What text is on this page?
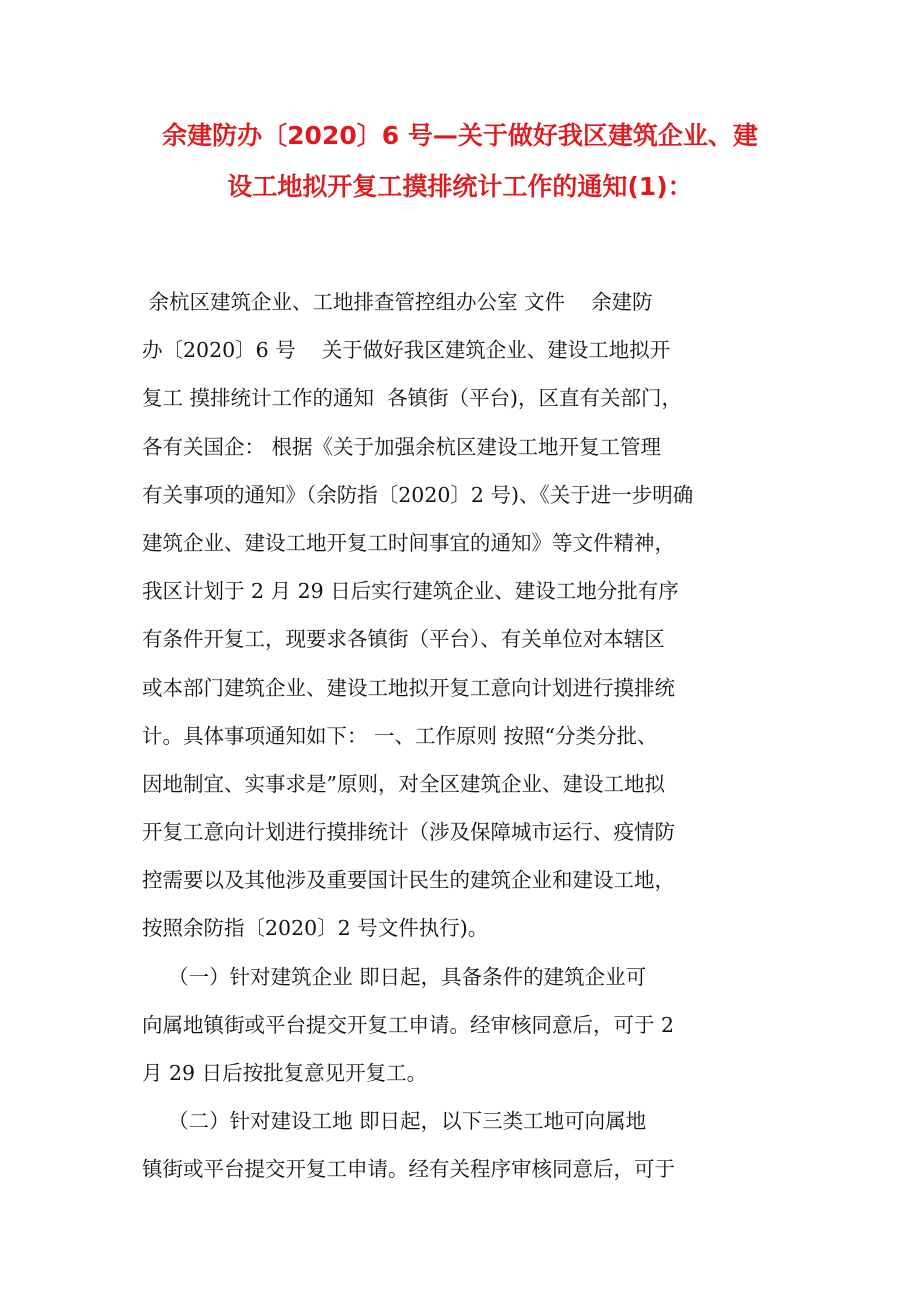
余建防办〔2020〕6 号—关于做好我区建筑企业、建
设工地拟开复工摸排统计工作的通知(1)：
余杭区建筑企业、工地排查管控组办公室 文件    余建防
办〔2020〕6 号    关于做好我区建筑企业、建设工地拟开
复工 摸排统计工作的通知  各镇街（平台)，区直有关部门，
各有关国企： 根据《关于加强余杭区建设工地开复工管理
有关事项的通知》（余防指〔2020〕2 号)、《关于进一步明确
建筑企业、建设工地开复工时间事宜的通知》等文件精神，
我区计划于 2 月 29 日后实行建筑企业、建设工地分批有序
有条件开复工，现要求各镇街（平台）、有关单位对本辖区
或本部门建筑企业、建设工地拟开复工意向计划进行摸排统
计。具体事项通知如下： 一、工作原则 按照“分类分批、
因地制宜、实事求是”原则，对全区建筑企业、建设工地拟
开复工意向计划进行摸排统计（涉及保障城市运行、疫情防
控需要以及其他涉及重要国计民生的建筑企业和建设工地，
按照余防指〔2020〕2 号文件执行)。
（一）针对建筑企业 即日起，具备条件的建筑企业可
向属地镇街或平台提交开复工申请。经审核同意后，可于 2
月 29 日后按批复意见开复工。
（二）针对建设工地 即日起，以下三类工地可向属地
镇街或平台提交开复工申请。经有关程序审核同意后，可于
